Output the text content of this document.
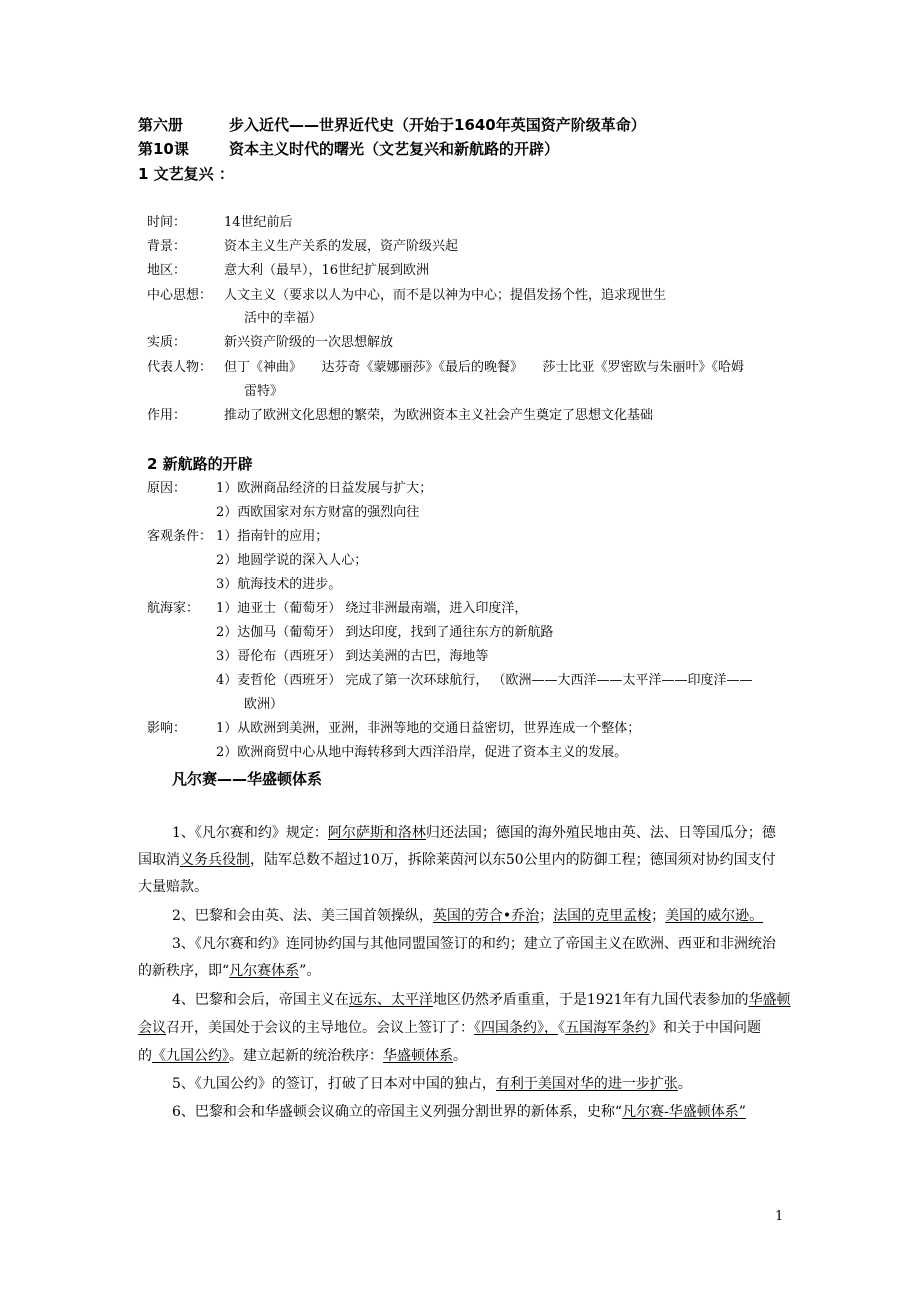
第六册	步入近代——世界近代史（开始于1640年英国资产阶级革命）
第10课	资本主义时代的曙光（文艺复兴和新航路的开辟）
1 文艺复兴 ：
时间：	14世纪前后
背景：	资本主义生产关系的发展，资产阶级兴起
地区：	意大利（最早），16世纪扩展到欧洲
中心思想： 人文主义（要求以人为中心，而不是以神为中心；提倡发扬个性，追求现世生
活中的幸福）
实质：	新兴资产阶级的一次思想解放
代表人物： 但丁《神曲》　　达芬奇《蒙娜丽莎》《最后的晚餐》　　莎士比亚《罗密欧与朱丽叶》《哈姆
雷特》
作用：	推动了欧洲文化思想的繁荣，为欧洲资本主义社会产生奠定了思想文化基础
2 新航路的开辟
原因： 1）欧洲商品经济的日益发展与扩大；
2）西欧国家对东方财富的强烈向往
客观条件： 1）指南针的应用；
2）地圆学说的深入人心；
3）航海技术的进步。
航海家： 1）迪亚士（葡萄牙） 绕过非洲最南端，进入印度洋，
2）达伽马（葡萄牙） 到达印度，找到了通往东方的新航路
3）哥伦布（西班牙） 到达美洲的古巴，海地等
4）麦哲伦（西班牙） 完成了第一次环球航行， （欧洲——大西洋——太平洋——印度洋——
欧洲）
影响： 1）从欧洲到美洲，亚洲，非洲等地的交通日益密切，世界连成一个整体；
2）欧洲商贸中心从地中海转移到大西洋沿岸，促进了资本主义的发展。
凡尔赛——华盛顿体系
1、《凡尔赛和约》规定：阿尔萨斯和洛林归还法国；德国的海外殖民地由英、法、日等国瓜分；德
国取消义务兵役制，陆军总数不超过10万，拆除莱茵河以东50公里内的防御工程；德国须对协约国支付
大量赔款。
2、巴黎和会由英、法、美三国首领操纵，英国的劳合•乔治；法国的克里孟梭；美国的威尔逊。
3、《凡尔赛和约》连同协约国与其他同盟国签订的和约；建立了帝国主义在欧洲、西亚和非洲统治
的新秩序，即“凡尔赛体系”。
4、巴黎和会后，帝国主义在远东、太平洋地区仍然矛盾重重，于是1921年有九国代表参加的华盛顿
会议召开，美国处于会议的主导地位。会议上签订了：《四国条约》，《五国海军条约》和关于中国问题
的《九国公约》。建立起新的统治秩序：华盛顿体系。
5、《九国公约》的签订，打破了日本对中国的独占，有利于美国对华的进一步扩张。
6、巴黎和会和华盛顿会议确立的帝国主义列强分割世界的新体系，史称“凡尔赛-华盛顿体系”
1
